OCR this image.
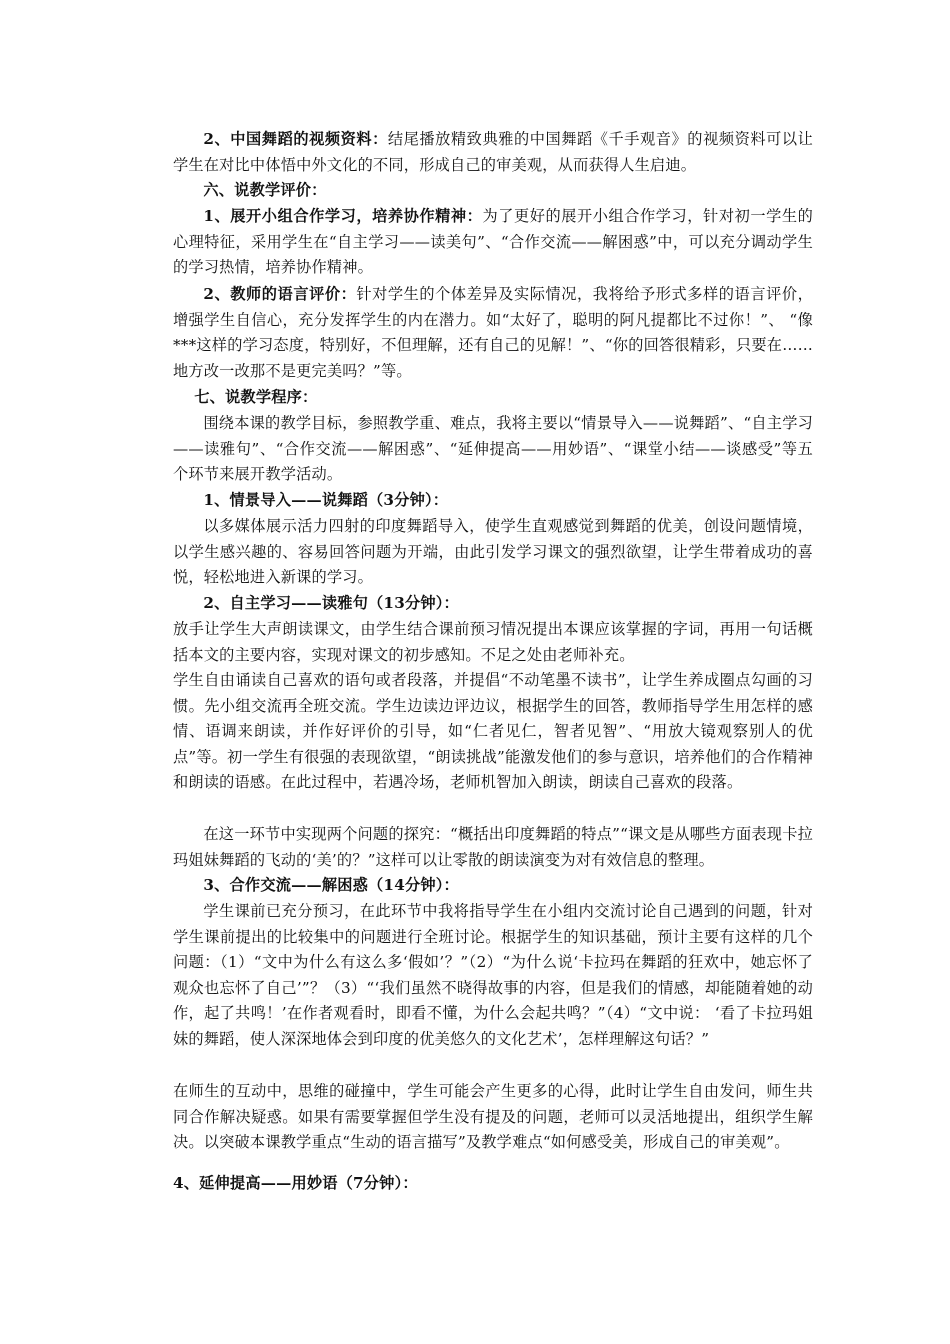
2、中国舞蹈的视频资料：结尾播放精致典雅的中国舞蹈《千手观音》的视频资料可以让学生在对比中体悟中外文化的不同，形成自己的审美观，从而获得人生启迪。

六、说教学评价：

1、展开小组合作学习，培养协作精神：为了更好的展开小组合作学习，针对初一学生的心理特征，采用学生在“自主学习——读美句”、“合作交流——解困惑”中，可以充分调动学生的学习热情，培养协作精神。

2、教师的语言评价：针对学生的个体差异及实际情况，我将给予形式多样的语言评价，增强学生自信心，充分发挥学生的内在潜力。如“太好了，聪明的阿凡提都比不过你！”、 “像***这样的学习态度，特别好，不但理解，还有自己的见解！”、“你的回答很精彩，只要在……地方改一改那不是更完美吗？”等。

七、说教学程序：

围绕本课的教学目标，参照教学重、难点，我将主要以“情景导入——说舞蹈”、“自主学习——读雅句”、“合作交流——解困惑”、“延伸提高——用妙语”、“课堂小结——谈感受”等五个环节来展开教学活动。

1、情景导入——说舞蹈（3分钟）：

以多媒体展示活力四射的印度舞蹈导入，使学生直观感觉到舞蹈的优美，创设问题情境，以学生感兴趣的、容易回答问题为开端，由此引发学习课文的强烈欲望，让学生带着成功的喜悦，轻松地进入新课的学习。

2、自主学习——读雅句（13分钟）：

放手让学生大声朗读课文，由学生结合课前预习情况提出本课应该掌握的字词，再用一句话概括本文的主要内容，实现对课文的初步感知。不足之处由老师补充。

学生自由诵读自己喜欢的语句或者段落，并提倡“不动笔墨不读书”，让学生养成圈点勾画的习惯。先小组交流再全班交流。学生边读边评边议，根据学生的回答，教师指导学生用怎样的感情、语调来朗读，并作好评价的引导，如“仁者见仁，智者见智”、“用放大镜观察别人的优点”等。初一学生有很强的表现欲望，“朗读挑战”能激发他们的参与意识，培养他们的合作精神和朗读的语感。在此过程中，若遇冷场，老师机智加入朗读，朗读自己喜欢的段落。

在这一环节中实现两个问题的探究：“概括出印度舞蹈的特点”“课文是从哪些方面表现卡拉玛姐妹舞蹈的飞动的‘美’的？”这样可以让零散的朗读演变为对有效信息的整理。

3、合作交流——解困惑（14分钟）：

学生课前已充分预习，在此环节中我将指导学生在小组内交流讨论自己遇到的问题，针对学生课前提出的比较集中的问题进行全班讨论。根据学生的知识基础，预计主要有这样的几个问题：（1）“文中为什么有这么多‘假如’？”（2）“为什么说‘卡拉玛在舞蹈的狂欢中，她忘怀了观众也忘怀了自己’”？（3）“‘我们虽然不晓得故事的内容，但是我们的情感，却能随着她的动作，起了共鸣！’在作者观看时，即看不懂，为什么会起共鸣？”（4）“文中说： ‘看了卡拉玛姐妹的舞蹈，使人深深地体会到印度的优美悠久的文化艺术’，怎样理解这句话？”

在师生的互动中，思维的碰撞中，学生可能会产生更多的心得，此时让学生自由发问，师生共同合作解决疑惑。如果有需要掌握但学生没有提及的问题，老师可以灵活地提出，组织学生解决。以突破本课教学重点“生动的语言描写”及教学难点“如何感受美，形成自己的审美观”。

4、延伸提高——用妙语（7分钟）：
